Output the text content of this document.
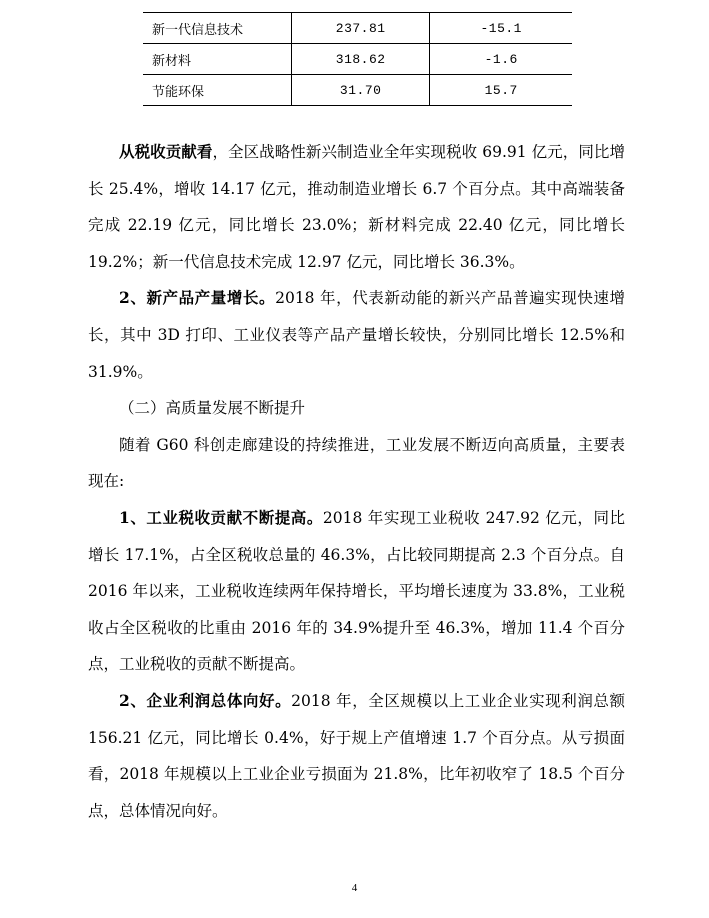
新一代信息技术	237.81	-15.1
新材料	318.62	-1.6
节能环保	31.70	15.7

从税收贡献看，全区战略性新兴制造业全年实现税收 69.91 亿元，同比增长 25.4%，增收 14.17 亿元，推动制造业增长 6.7 个百分点。其中高端装备完成 22.19 亿元，同比增长 23.0%；新材料完成 22.40 亿元，同比增长 19.2%；新一代信息技术完成 12.97 亿元，同比增长 36.3%。

2、新产品产量增长。2018 年，代表新动能的新兴产品普遍实现快速增长，其中 3D 打印、工业仪表等产品产量增长较快，分别同比增长 12.5%和 31.9%。

（二）高质量发展不断提升

随着 G60 科创走廊建设的持续推进，工业发展不断迈向高质量，主要表现在:

1、工业税收贡献不断提高。2018 年实现工业税收 247.92 亿元，同比增长 17.1%，占全区税收总量的 46.3%，占比较同期提高 2.3 个百分点。自 2016 年以来，工业税收连续两年保持增长，平均增长速度为 33.8%，工业税收占全区税收的比重由 2016 年的 34.9%提升至 46.3%，增加 11.4 个百分点，工业税收的贡献不断提高。

2、企业利润总体向好。2018 年，全区规模以上工业企业实现利润总额 156.21 亿元，同比增长 0.4%，好于规上产值增速 1.7 个百分点。从亏损面看，2018 年规模以上工业企业亏损面为 21.8%，比年初收窄了 18.5 个百分点，总体情况向好。

4
